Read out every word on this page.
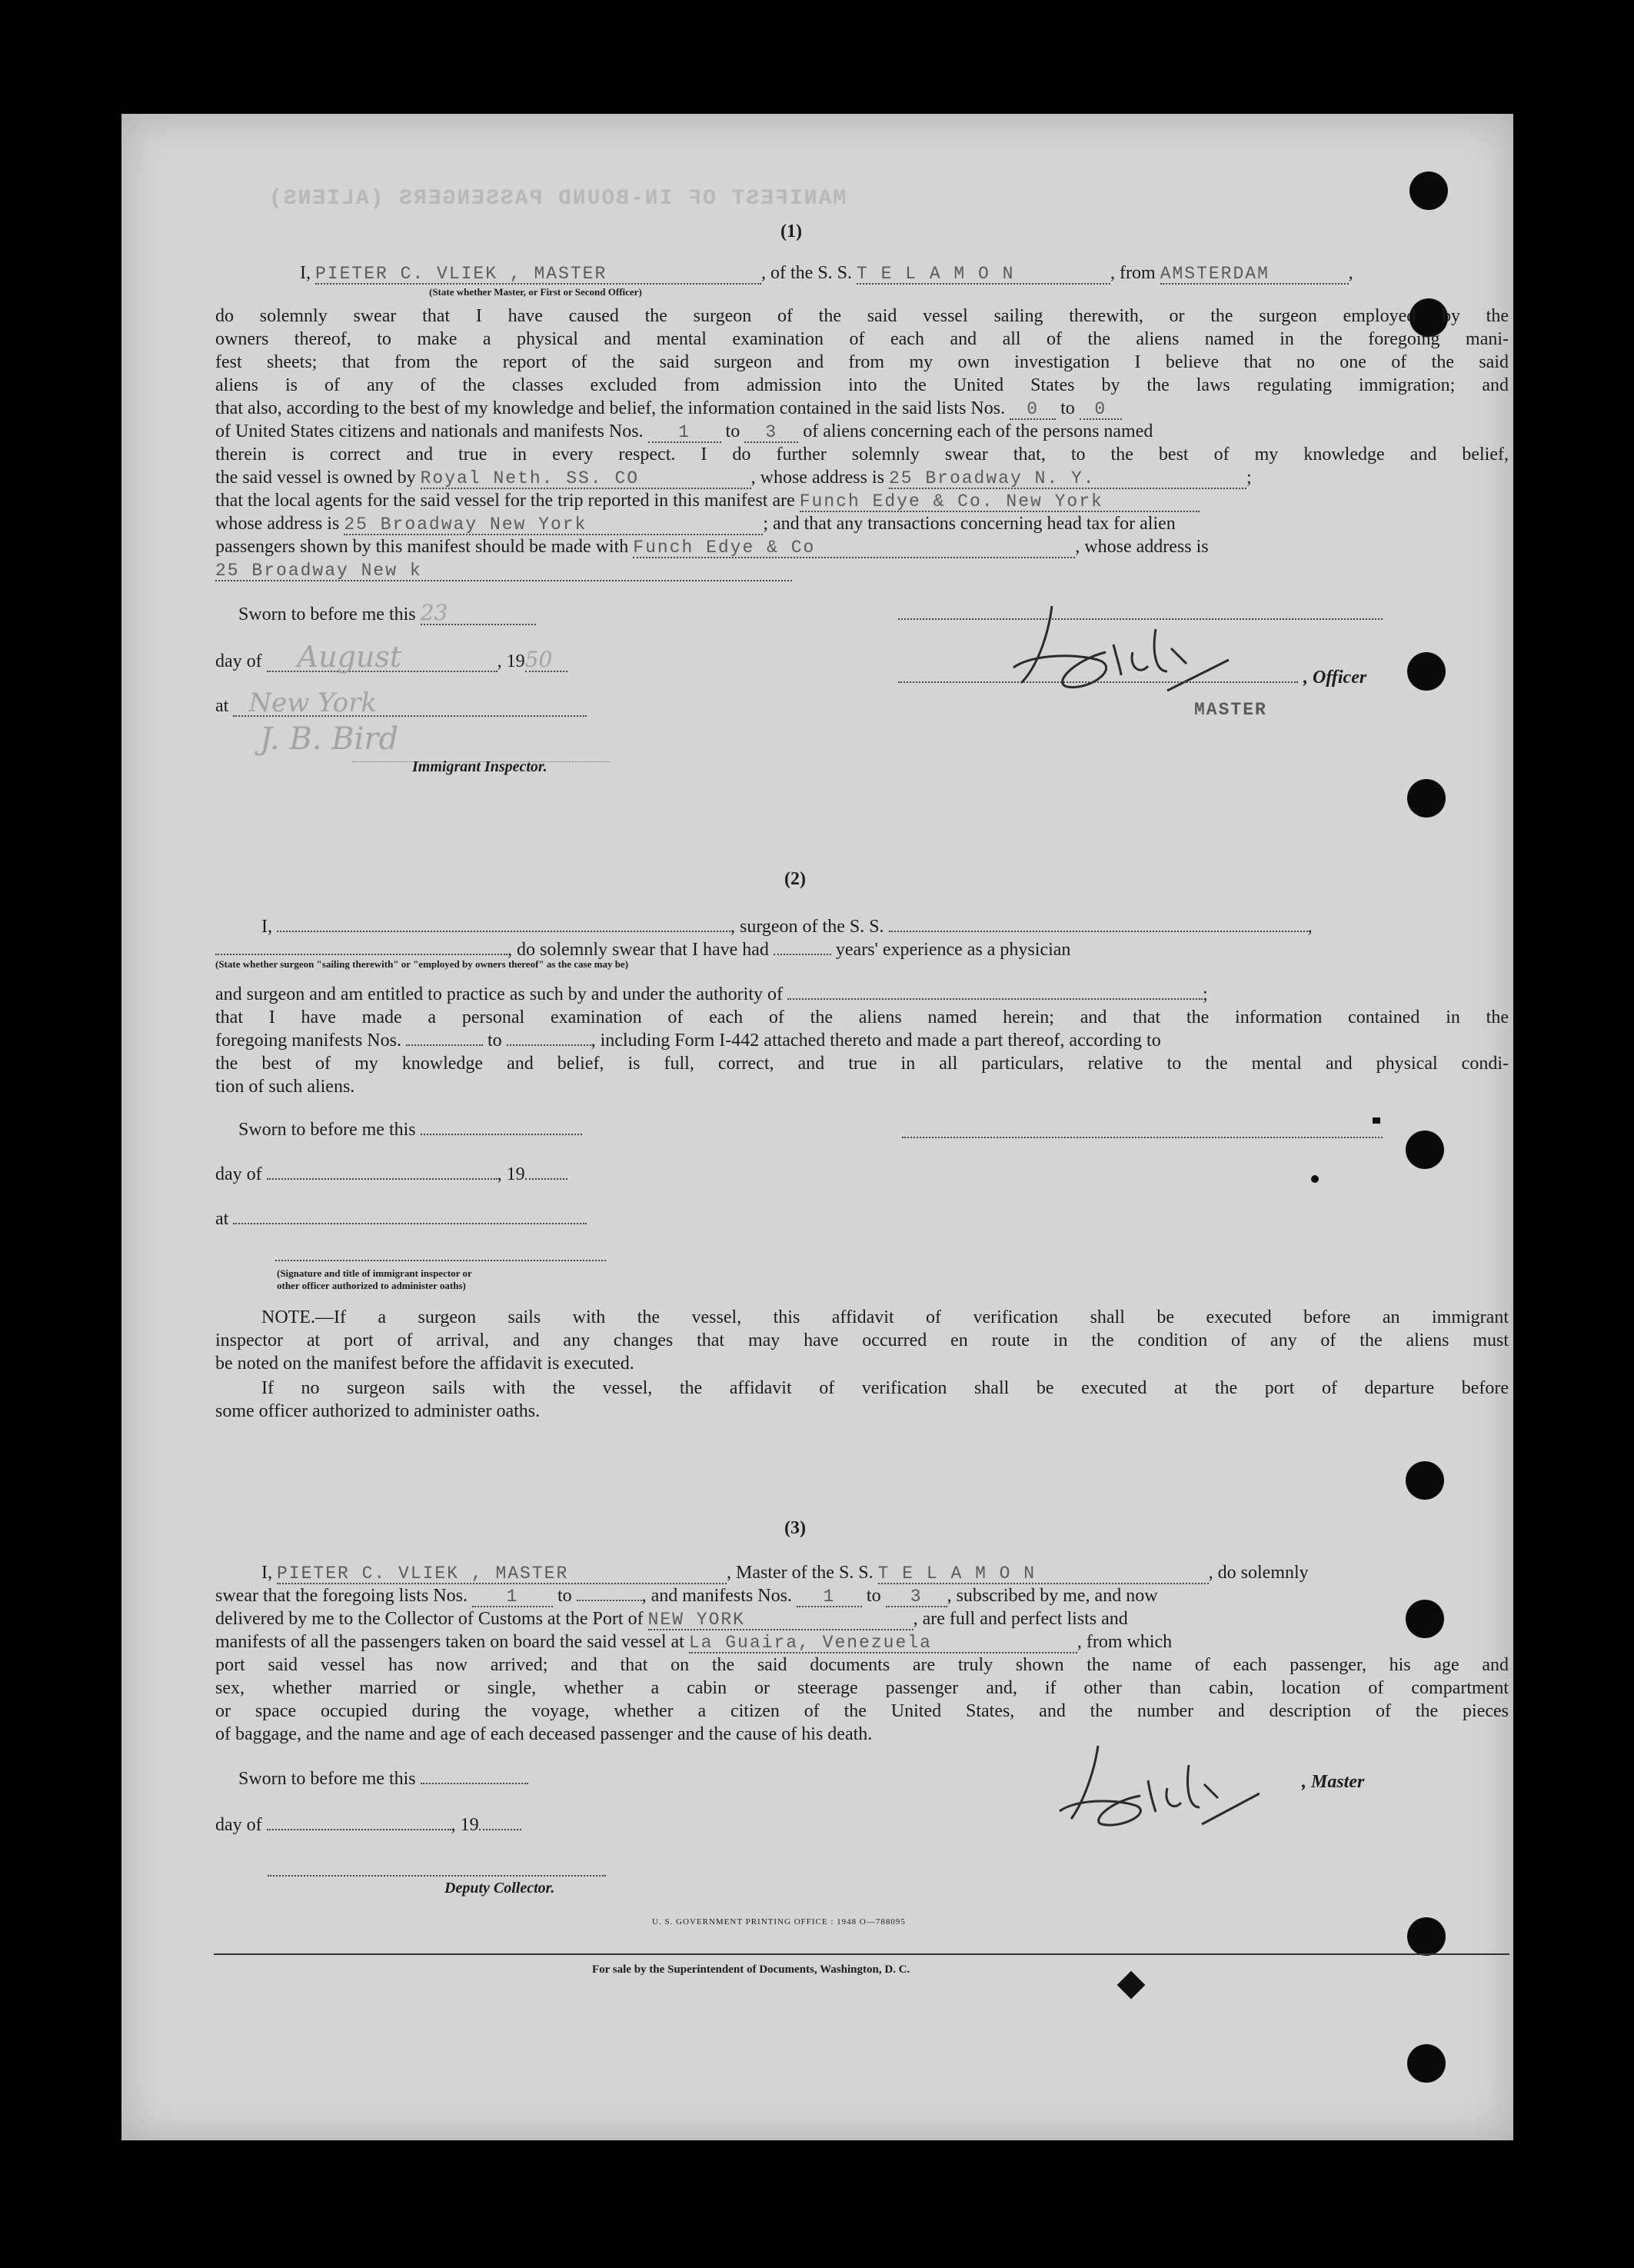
MANIFEST OF IN-BOUND PASSENGERS (ALIENS)
(1)
I, PIETER C. VLIEK , MASTER	, of the S. S. T E L A M O N	, from AMSTERDAM	,
(State whether Master, or First or Second Officer)
do solemnly swear that I have caused the surgeon of the said vessel sailing therewith, or the surgeon employed by the
owners thereof, to make a physical and mental examination of each and all of the aliens named in the foregoing mani-
fest sheets; that from the report of the said surgeon and from my own investigation I believe that no one of the said
aliens is of any of the classes excluded from admission into the United States by the laws regulating immigration; and
that also, according to the best of my knowledge and belief, the information contained in the said lists Nos. 0 to 0
of United States citizens and nationals and manifests Nos. 1 to 3 of aliens concerning each of the persons named
therein is correct and true in every respect. I do further solemnly swear that, to the best of my knowledge and belief,
the said vessel is owned by Royal Neth. SS. CO	, whose address is 25 Broadway N. Y.	;
that the local agents for the said vessel for the trip reported in this manifest are Funch Edye & Co. New York
whose address is 25 Broadway New York	; and that any transactions concerning head tax for alien
passengers shown by this manifest should be made with Funch Edye & Co	, whose address is
25 Broadway New k
Sworn to before me this 23
day of August	, 1950
at New York
J. B. Bird
Immigrant Inspector.
, Officer
MASTER
(2)
I,	, surgeon of the S. S.	,
, do solemnly swear that I have had	years' experience as a physician
(State whether surgeon "sailing therewith" or "employed by owners thereof" as the case may be)
and surgeon and am entitled to practice as such by and under the authority of	;
that I have made a personal examination of each of the aliens named herein; and that the information contained in the
foregoing manifests Nos.	to	, including Form I-442 attached thereto and made a part thereof, according to
the best of my knowledge and belief, is full, correct, and true in all particulars, relative to the mental and physical condi-
tion of such aliens.
Sworn to before me this
day of	, 19
at
(Signature and title of immigrant inspector or other officer authorized to administer oaths)
NOTE.—If a surgeon sails with the vessel, this affidavit of verification shall be executed before an immigrant
inspector at port of arrival, and any changes that may have occurred en route in the condition of any of the aliens must
be noted on the manifest before the affidavit is executed.
If no surgeon sails with the vessel, the affidavit of verification shall be executed at the port of departure before
some officer authorized to administer oaths.
(3)
I, PIETER C. VLIEK , MASTER	, Master of the S. S. T E L A M O N	, do solemnly
swear that the foregoing lists Nos. 1 to	, and manifests Nos. 1 to 3 , subscribed by me, and now
delivered by me to the Collector of Customs at the Port of NEW YORK	, are full and perfect lists and
manifests of all the passengers taken on board the said vessel at La Guaira, Venezuela	, from which
port said vessel has now arrived; and that on the said documents are truly shown the name of each passenger, his age and
sex, whether married or single, whether a cabin or steerage passenger and, if other than cabin, location of compartment
or space occupied during the voyage, whether a citizen of the United States, and the number and description of the pieces
of baggage, and the name and age of each deceased passenger and the cause of his death.
Sworn to before me this	, Master
day of	, 19
Deputy Collector.
U. S. GOVERNMENT PRINTING OFFICE : 1948 O—788095
For sale by the Superintendent of Documents, Washington, D. C.
